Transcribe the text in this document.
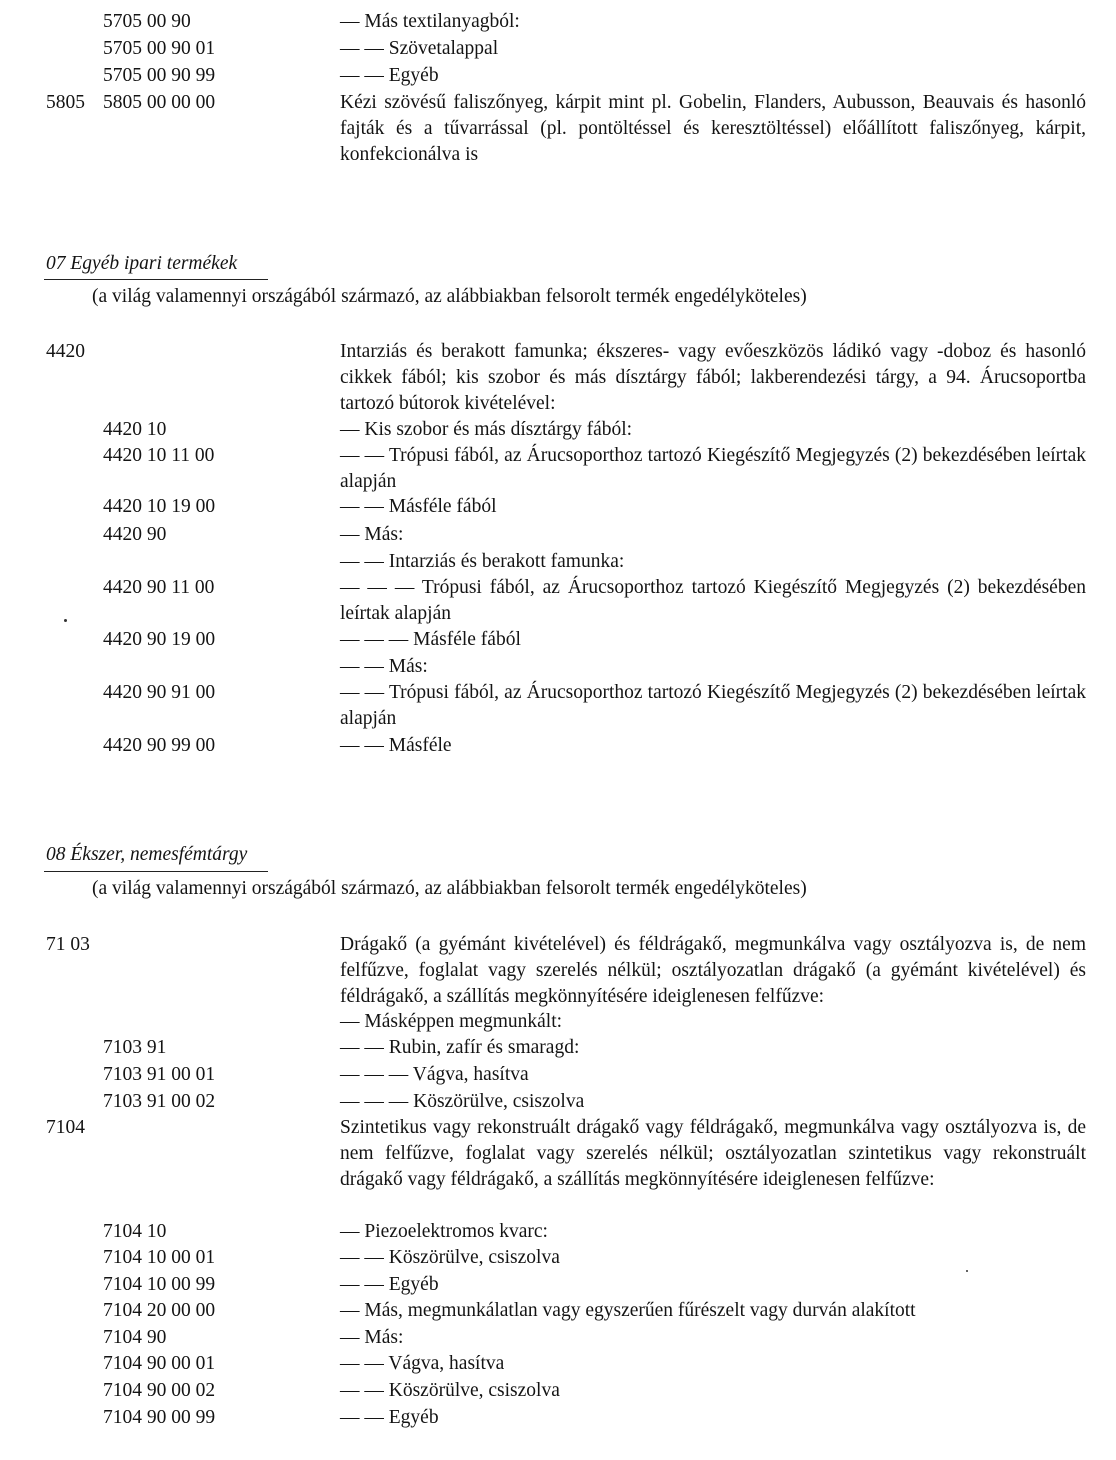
5705 00 90	— Más textilanyagból:
5705 00 90 01	— — Szövetalappal
5705 00 90 99	— — Egyéb
5805 5805 00 00 00	Kézi szövésű faliszőnyeg, kárpit mint pl. Gobelin, Flanders, Aubusson, Beauvais és hasonló fajták és a tűvarrással (pl. pontöltéssel és keresztöltéssel) előállított faliszőnyeg, kárpit, konfekcionálva is
07 Egyéb ipari termékek
(a világ valamennyi országából származó, az alábbiakban felsorolt termék engedélyköteles)
4420	Intarziás és berakott famunka; ékszeres- vagy evőeszközös ládikó vagy -doboz és hasonló cikkek fából; kis szobor és más dísztárgy fából; lakberendezési tárgy, a 94. Árucsoportba tartozó bútorok kivételével:
4420 10	— Kis szobor és más dísztárgy fából:
4420 10 11 00	— — Trópusi fából, az Árucsoporthoz tartozó Kiegészítő Megjegyzés (2) bekezdésében leírtak alapján
4420 10 19 00	— — Másféle fából
4420 90	— Más:
— — Intarziás és berakott famunka:
4420 90 11 00	— — — Trópusi fából, az Árucsoporthoz tartozó Kiegészítő Megjegyzés (2) bekezdésében leírtak alapján
4420 90 19 00	— — — Másféle fából
— — Más:
4420 90 91 00	— — Trópusi fából, az Árucsoporthoz tartozó Kiegészítő Megjegyzés (2) bekezdésében leírtak alapján
4420 90 99 00	— — Másféle
08 Ékszer, nemesfémtárgy
(a világ valamennyi országából származó, az alábbiakban felsorolt termék engedélyköteles)
71 03	Drágakő (a gyémánt kivételével) és féldrágakő, megmunkálva vagy osztályozva is, de nem felfűzve, foglalat vagy szerelés nélkül; osztályozatlan drágakő (a gyémánt kivételével) és féldrágakő, a szállítás megkönnyítésére ideiglenesen felfűzve:
— Másképpen megmunkált:
7103 91	— — Rubin, zafír és smaragd:
7103 91 00 01	— — — Vágva, hasítva
7103 91 00 02	— — — Köszörülve, csiszolva
7104	Szintetikus vagy rekonstruált drágakő vagy féldrágakő, megmunkálva vagy osztályozva is, de nem felfűzve, foglalat vagy szerelés nélkül; osztályozatlan szintetikus vagy rekonstruált drágakő vagy féldrágakő, a szállítás megkönnyítésére ideiglenesen felfűzve:
7104 10	— Piezoelektromos kvarc:
7104 10 00 01	— — Köszörülve, csiszolva
7104 10 00 99	— — Egyéb
7104 20 00 00	— Más, megmunkálatlan vagy egyszerűen fűrészelt vagy durván alakított
7104 90	— Más:
7104 90 00 01	— — Vágva, hasítva
7104 90 00 02	— — Köszörülve, csiszolva
7104 90 00 99	— — Egyéb
